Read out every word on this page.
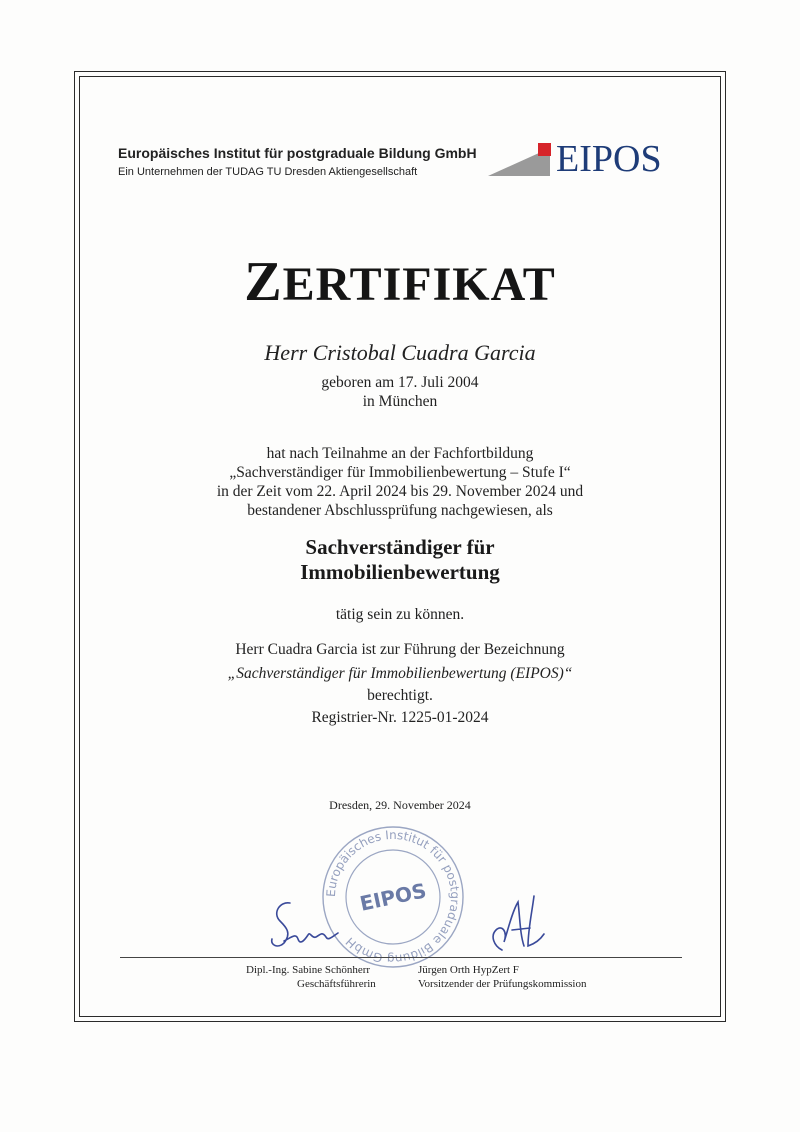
Europäisches Institut für postgraduale Bildung GmbH
Ein Unternehmen der TUDAG TU Dresden Aktiengesellschaft	EIPOS
ZERTIFIKAT
Herr Cristobal Cuadra Garcia
geboren am 17. Juli 2004
in München
hat nach Teilnahme an der Fachfortbildung
„Sachverständiger für Immobilienbewertung – Stufe I“
in der Zeit vom 22. April 2024 bis 29. November 2024 und
bestandener Abschlussprüfung nachgewiesen, als
Sachverständiger für
Immobilienbewertung
tätig sein zu können.
Herr Cuadra Garcia ist zur Führung der Bezeichnung
„Sachverständiger für Immobilienbewertung (EIPOS)“
berechtigt.
Registrier-Nr. 1225-01-2024
Dresden, 29. November 2024
Europäisches Institut für postgraduale Bildung GmbH
EIPOS
Dipl.-Ing. Sabine Schönherr
Geschäftsführerin
Jürgen Orth HypZert F
Vorsitzender der Prüfungskommission
